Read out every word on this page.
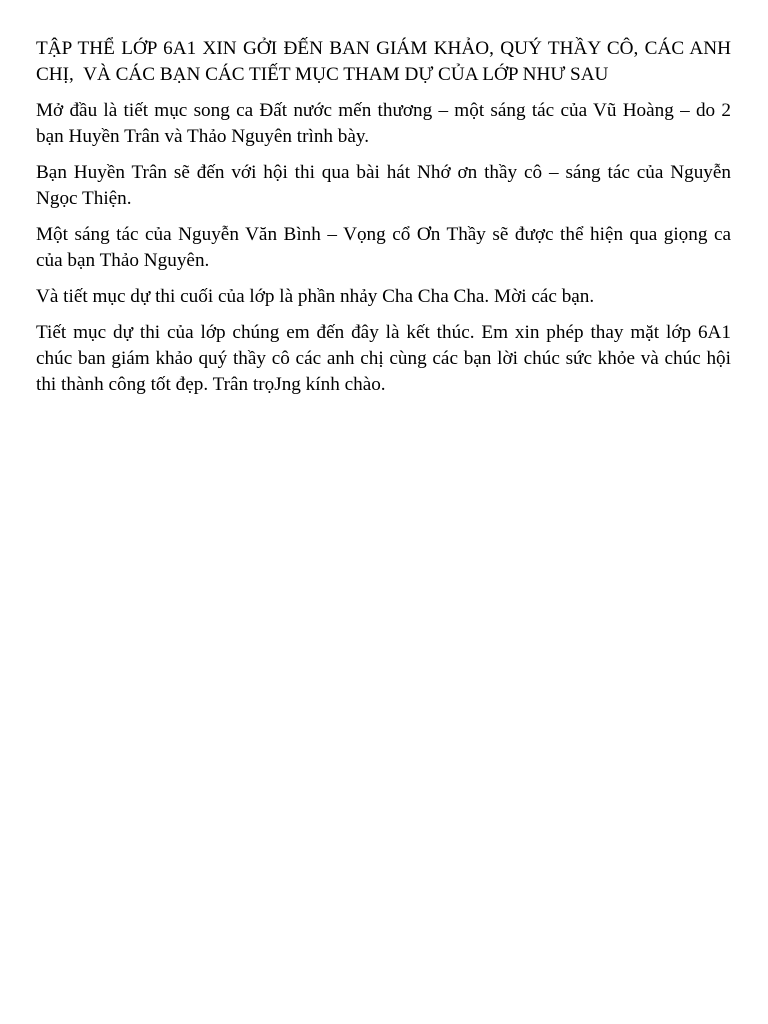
TẬP THỂ LỚP 6A1 XIN GỞI ĐẾN BAN GIÁM KHẢO, QUÝ THẦY CÔ, CÁC ANH CHỊ,  VÀ CÁC BẠN CÁC TIẾT MỤC THAM DỰ CỦA LỚP NHƯ SAU

Mở đầu là tiết mục song ca Đất nước mến thương – một sáng tác của Vũ Hoàng – do 2 bạn Huyền Trân và Thảo Nguyên trình bày.

Bạn Huyền Trân sẽ đến với hội thi qua bài hát Nhớ ơn thầy cô – sáng tác của Nguyễn Ngọc Thiện.

Một sáng tác của Nguyễn Văn Bình – Vọng cổ Ơn Thầy sẽ được thể hiện qua giọng ca của bạn Thảo Nguyên.

Và tiết mục dự thi cuối của lớp là phần nhảy Cha Cha Cha. Mời các bạn.

Tiết mục dự thi của lớp chúng em đến đây là kết thúc. Em xin phép thay mặt lớp 6A1 chúc ban giám khảo quý thầy cô các anh chị cùng các bạn lời chúc sức khỏe và chúc hội thi thành công tốt đẹp. Trân trọJng kính chào.
